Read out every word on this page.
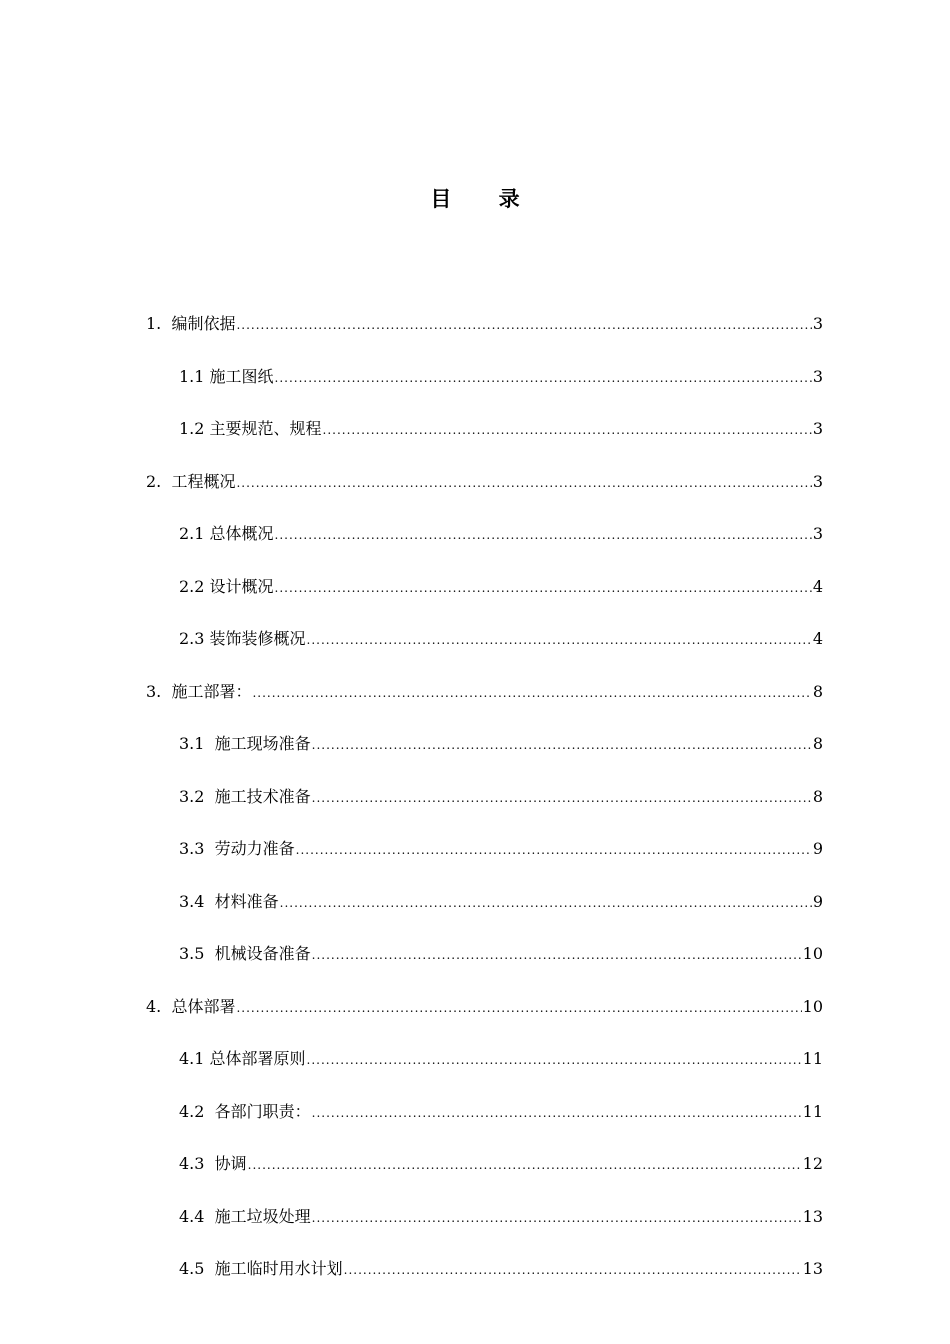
目 录
1. 编制依据 .....	3
1.1 施工图纸 .....	3
1.2 主要规范、规程 .....	3
2. 工程概况 .....	3
2.1 总体概况 .....	3
2.2 设计概况 .....	4
2.3 装饰装修概况 .....	4
3. 施工部署： .....	8
3.1 施工现场准备 .....	8
3.2 施工技术准备 .....	8
3.3 劳动力准备 .....	9
3.4 材料准备 .....	9
3.5 机械设备准备 .....	10
4. 总体部署 .....	10
4.1 总体部署原则 .....	11
4.2 各部门职责： .....	11
4.3 协调 .....	12
4.4 施工垃圾处理 .....	13
4.5 施工临时用水计划 .....	13
